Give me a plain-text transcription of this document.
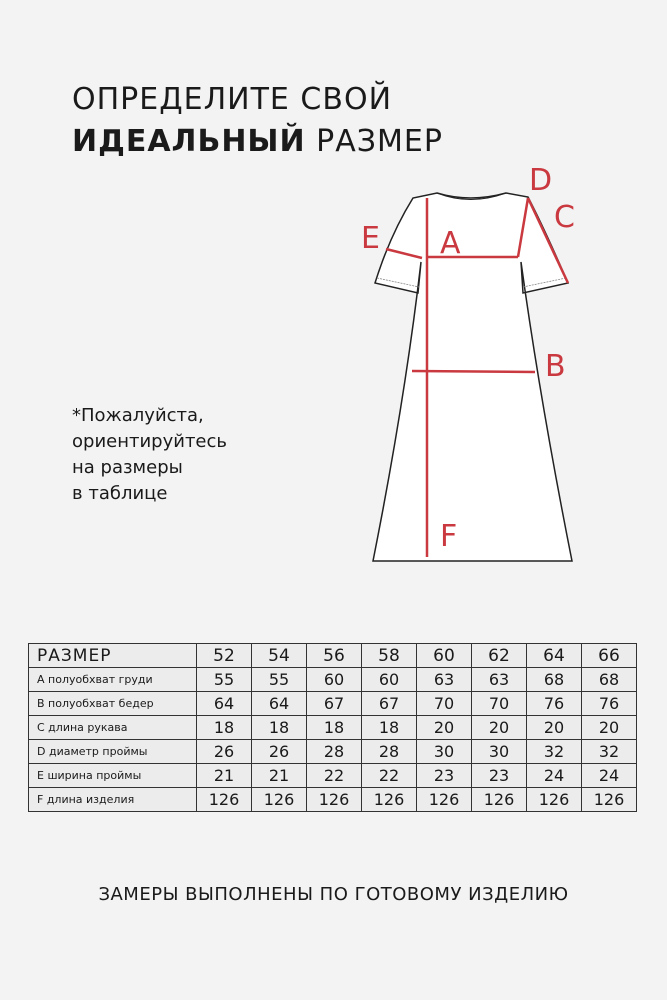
ОПРЕДЕЛИТЕ СВОЙ
ИДЕАЛЬНЫЙ РАЗМЕР
*Пожалуйста,
ориентируйтесь
на размеры
в таблице
D
C
E A
B
F
РАЗМЕР	52	54	56	58	60	62	64	66
A полуобхват груди	55	55	60	60	63	63	68	68
B полуобхват бедер	64	64	67	67	70	70	76	76
C длина рукава	18	18	18	18	20	20	20	20
D диаметр проймы	26	26	28	28	30	30	32	32
E ширина проймы	21	21	22	22	23	23	24	24
F длина изделия	126	126	126	126	126	126	126	126
ЗАМЕРЫ ВЫПОЛНЕНЫ ПО ГОТОВОМУ ИЗДЕЛИЮ
